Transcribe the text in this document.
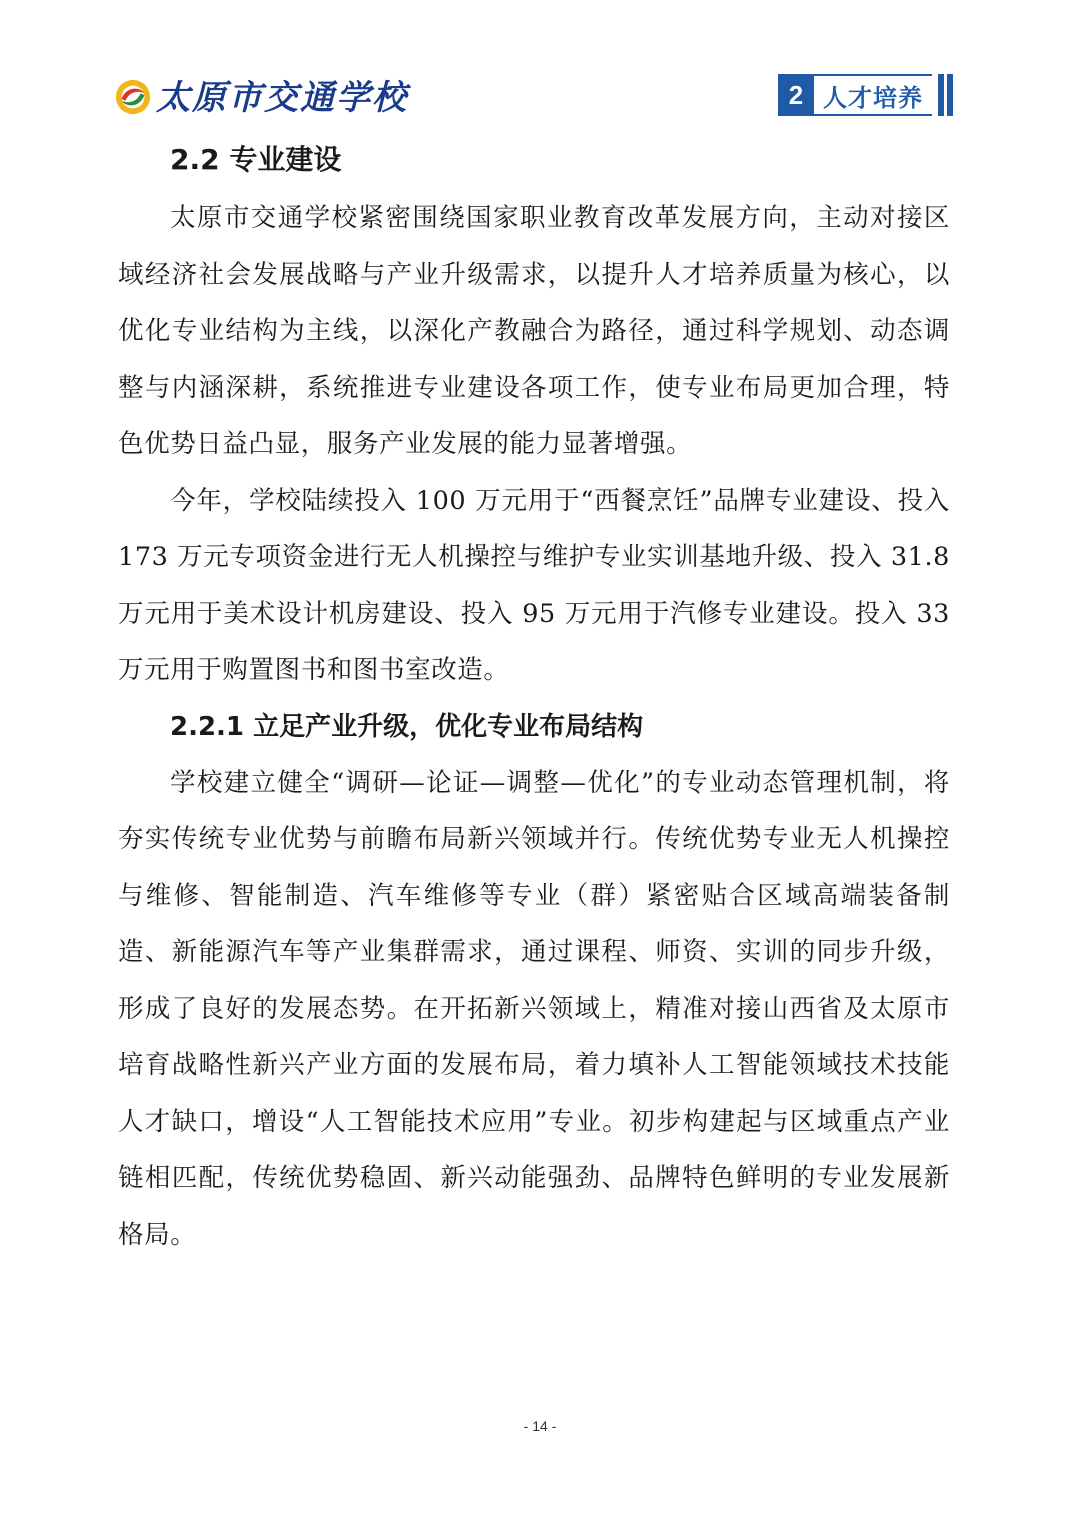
太原市交通学校	2 人才培养
2.2 专业建设

太原市交通学校紧密围绕国家职业教育改革发展方向，主动对接区域经济社会发展战略与产业升级需求，以提升人才培养质量为核心，以优化专业结构为主线，以深化产教融合为路径，通过科学规划、动态调整与内涵深耕，系统推进专业建设各项工作，使专业布局更加合理，特色优势日益凸显，服务产业发展的能力显著增强。

今年，学校陆续投入 100 万元用于“西餐烹饪”品牌专业建设、投入 173 万元专项资金进行无人机操控与维护专业实训基地升级、投入 31.8 万元用于美术设计机房建设、投入 95 万元用于汽修专业建设。投入 33 万元用于购置图书和图书室改造。

2.2.1 立足产业升级，优化专业布局结构

学校建立健全“调研—论证—调整—优化”的专业动态管理机制，将夯实传统专业优势与前瞻布局新兴领域并行。传统优势专业无人机操控与维修、智能制造、汽车维修等专业（群）紧密贴合区域高端装备制造、新能源汽车等产业集群需求，通过课程、师资、实训的同步升级，形成了良好的发展态势。在开拓新兴领域上，精准对接山西省及太原市培育战略性新兴产业方面的发展布局，着力填补人工智能领域技术技能人才缺口，增设“人工智能技术应用”专业。初步构建起与区域重点产业链相匹配，传统优势稳固、新兴动能强劲、品牌特色鲜明的专业发展新格局。

- 14 -
